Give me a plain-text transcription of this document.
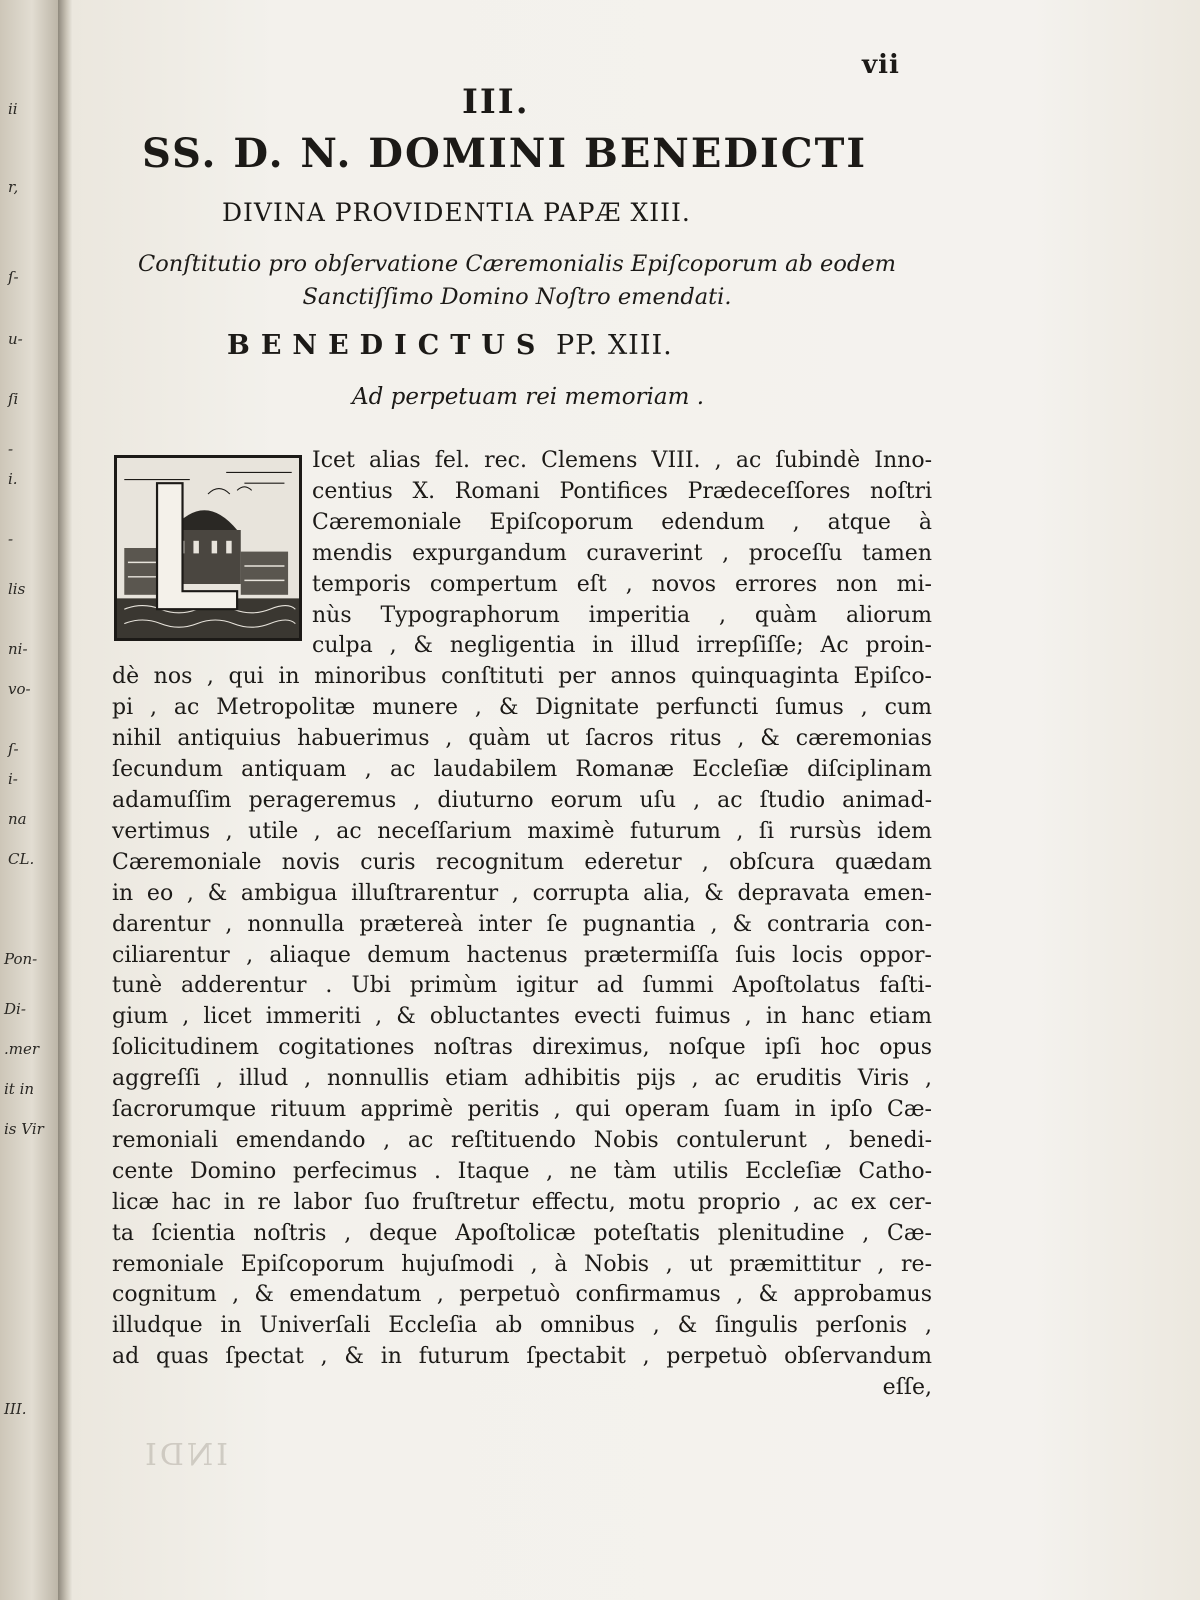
ii
r,
ſ-
u-
ſi
-
i.
-
lis
ni-
vo-
ſ-
i-
na
CL.
Pon-
Di-
.mer
it in
is Vir
III.
vii
III.
SS. D. N. DOMINI BENEDICTI
DIVINA PROVIDENTIA PAPÆ XIII.
Conſtitutio pro obſervatione Cæremonialis Epiſcoporum ab eodem
Sanctiſſimo Domino Noſtro emendati.
BENEDICTUS PP. XIII.
Ad perpetuam rei memoriam .
Icet alias fel. rec. Clemens VIII. , ac ſubindè Inno-
centius X. Romani Pontifices Prædeceſſores noſtri
Cæremoniale Epiſcoporum edendum , atque à
mendis expurgandum curaverint , proceſſu tamen
temporis compertum eſt , novos errores non mi-
nùs Typographorum imperitia , quàm aliorum
culpa , & negligentia in illud irrepſiſſe; Ac proin-
dè nos , qui in minoribus conſtituti per annos quinquaginta Epiſco-
pi , ac Metropolitæ munere , & Dignitate perfuncti ſumus , cum
nihil antiquius habuerimus , quàm ut ſacros ritus , & cæremonias
ſecundum antiquam , ac laudabilem Romanæ Eccleſiæ diſciplinam
adamuſſim perageremus , diuturno eorum uſu , ac ſtudio animad-
vertimus , utile , ac neceſſarium maximè futurum , ſi rursùs idem
Cæremoniale novis curis recognitum ederetur , obſcura quædam
in eo , & ambigua illuſtrarentur , corrupta alia, & depravata emen-
darentur , nonnulla prætereà inter ſe pugnantia , & contraria con-
ciliarentur , aliaque demum hactenus prætermiſſa ſuis locis oppor-
tunè adderentur . Ubi primùm igitur ad ſummi Apoſtolatus faſti-
gium , licet immeriti , & obluctantes evecti fuimus , in hanc etiam
ſolicitudinem cogitationes noſtras direximus, noſque ipſi hoc opus
aggreſſi , illud , nonnullis etiam adhibitis pijs , ac eruditis Viris ,
ſacrorumque rituum apprimè peritis , qui operam ſuam in ipſo Cæ-
remoniali emendando , ac reſtituendo Nobis contulerunt , benedi-
cente Domino perfecimus . Itaque , ne tàm utilis Eccleſiæ Catho-
licæ hac in re labor ſuo fruſtretur effectu, motu proprio , ac ex cer-
ta ſcientia noſtris , deque Apoſtolicæ poteſtatis plenitudine , Cæ-
remoniale Epiſcoporum hujuſmodi , à Nobis , ut præmittitur , re-
cognitum , & emendatum , perpetuò confirmamus , & approbamus
illudque in Univerſali Eccleſia ab omnibus , & ſingulis perſonis ,
ad quas ſpectat , & in futurum ſpectabit , perpetuò obſervandum
eſſe,
INDI
